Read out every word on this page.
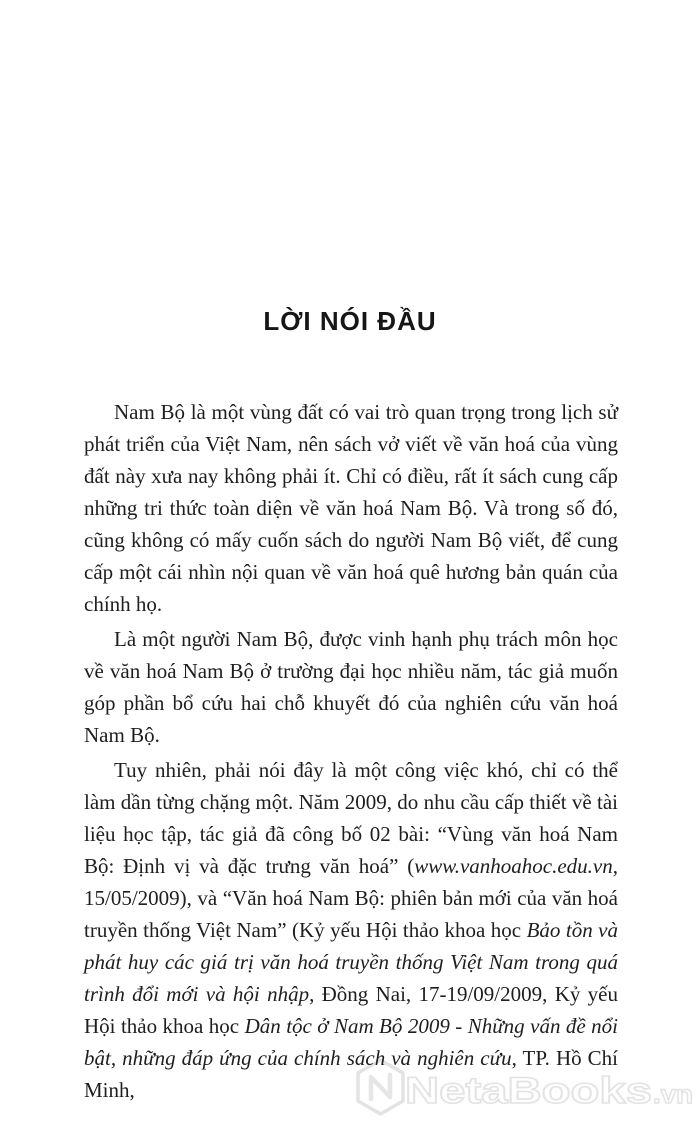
LỜI NÓI ĐẦU

Nam Bộ là một vùng đất có vai trò quan trọng trong lịch sử phát triển của Việt Nam, nên sách vở viết về văn hoá của vùng đất này xưa nay không phải ít. Chỉ có điều, rất ít sách cung cấp những tri thức toàn diện về văn hoá Nam Bộ. Và trong số đó, cũng không có mấy cuốn sách do người Nam Bộ viết, để cung cấp một cái nhìn nội quan về văn hoá quê hương bản quán của chính họ.

Là một người Nam Bộ, được vinh hạnh phụ trách môn học về văn hoá Nam Bộ ở trường đại học nhiều năm, tác giả muốn góp phần bổ cứu hai chỗ khuyết đó của nghiên cứu văn hoá Nam Bộ.

Tuy nhiên, phải nói đây là một công việc khó, chỉ có thể làm dần từng chặng một. Năm 2009, do nhu cầu cấp thiết về tài liệu học tập, tác giả đã công bố 02 bài: “Vùng văn hoá Nam Bộ: Định vị và đặc trưng văn hoá” (www.vanhoahoc.edu.vn, 15/05/2009), và “Văn hoá Nam Bộ: phiên bản mới của văn hoá truyền thống Việt Nam” (Kỷ yếu Hội thảo khoa học Bảo tồn và phát huy các giá trị văn hoá truyền thống Việt Nam trong quá trình đổi mới và hội nhập, Đồng Nai, 17-19/09/2009, Kỷ yếu Hội thảo khoa học Dân tộc ở Nam Bộ 2009 - Những vấn đề nổi bật, những đáp ứng của chính sách và nghiên cứu, TP. Hồ Chí Minh,	NetaBooks .vn
